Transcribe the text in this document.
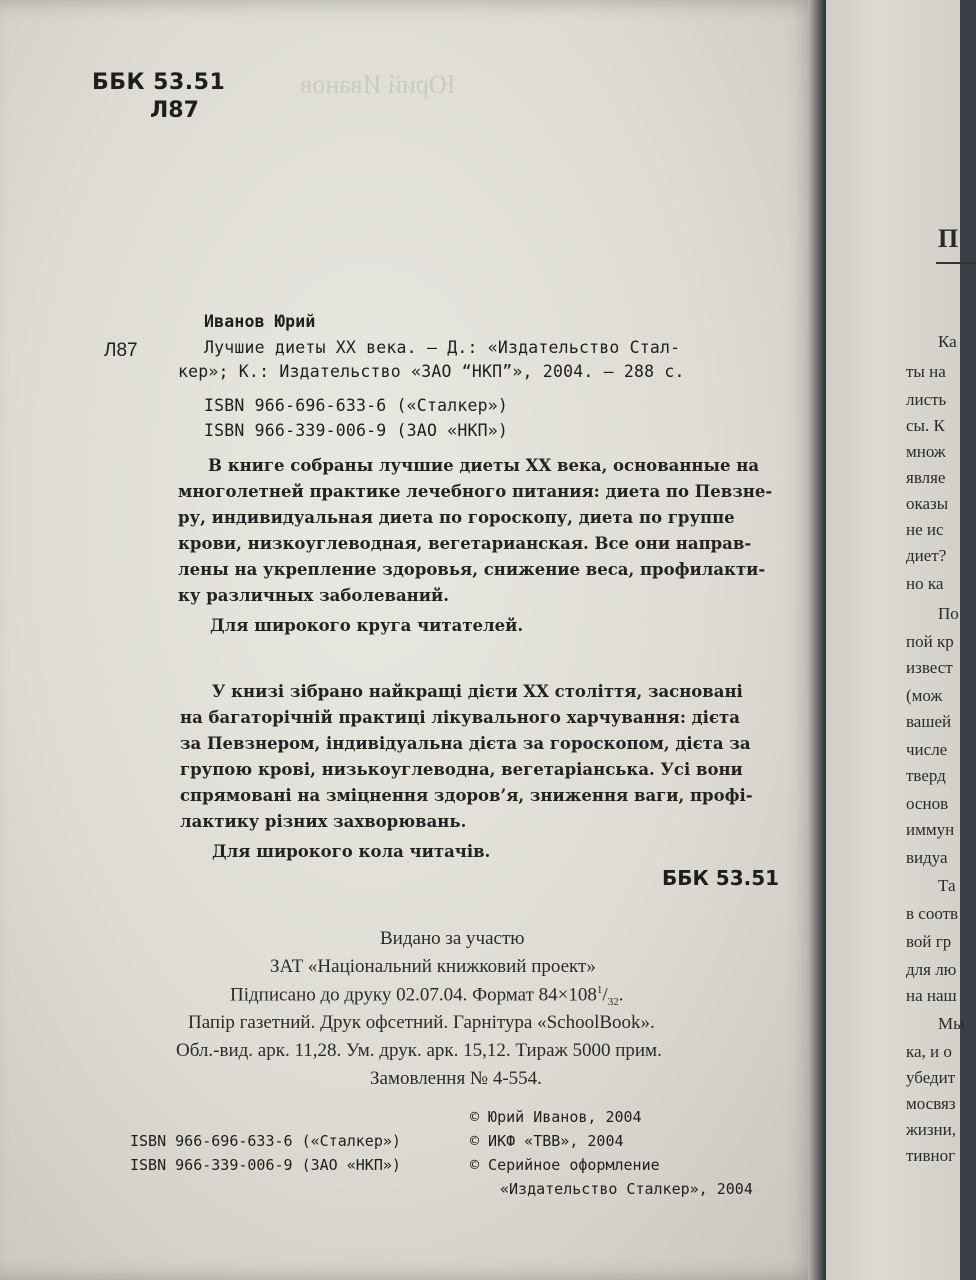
Юрий Иванов
ББК 53.51
Л87
Л87
Иванов Юрий
Лучшие диеты XX века. — Д.: «Издательство Стал-
кер»; К.: Издательство «ЗАО “НКП”», 2004. — 288 с.
ISBN 966-696-633-6 («Сталкер»)
ISBN 966-339-006-9 (ЗАО «НКП»)
В книге собраны лучшие диеты XX века, основанные на
многолетней практике лечебного питания: диета по Певзне-
ру, индивидуальная диета по гороскопу, диета по группе
крови, низкоуглеводная, вегетарианская. Все они направ-
лены на укрепление здоровья, снижение веса, профилакти-
ку различных заболеваний.
Для широкого круга читателей.
У книзі зібрано найкращі дієти XX століття, засновані
на багаторічній практиці лікувального харчування: дієта
за Певзнером, індивідуальна дієта за гороскопом, дієта за
групою крові, низькоуглеводна, вегетаріанська. Усі вони
спрямовані на зміцнення здоров’я, зниження ваги, профі-
лактику різних захворювань.
Для широкого кола читачів.
ББК 53.51
Видано за участю
ЗАТ «Національний книжковий проект»
Підписано до друку 02.07.04. Формат $84\times 108^1/_{32}$.
Папір газетний. Друк офсетний. Гарнітура «SchoolBook».
Обл.-вид. арк. 11,28. Ум. друк. арк. 15,12. Тираж 5000 прим.
Замовлення № 4-554.
ISBN 966-696-633-6 («Сталкер»)
ISBN 966-339-006-9 (ЗАО «НКП»)
© Юрий Иванов, 2004
© ИКФ «ТВВ», 2004
© Серийное оформление
«Издательство Сталкер», 2004
П
Ка
ты на
листь
сы. К
множ
являе
оказы
не ис
диет?
но ка
По
пой кр
извест
(мож
вашей
числе
тверд
основ
иммун
видуа
Та
в соотв
вой гр
для лю
на наш
Мы
ка, и о
убедит
мосвяз
жизни,
тивног
